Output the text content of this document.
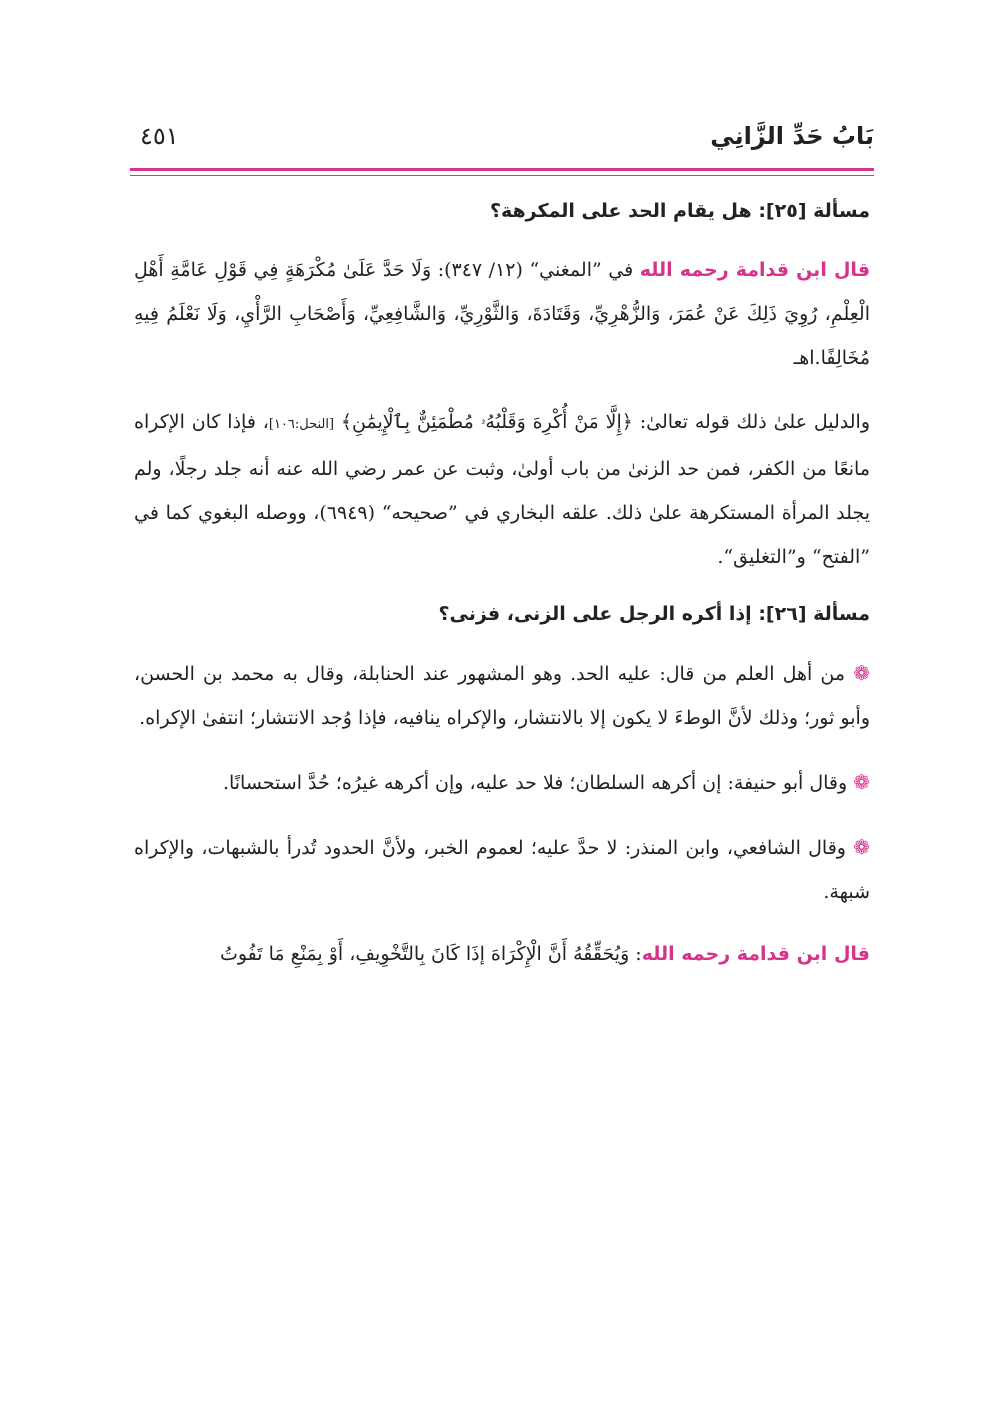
بَابُ حَدِّ الزَّانِي
٤٥١
مسألة [٢٥]: هل يقام الحد على المكرهة؟

قال ابن قدامة رحمه الله في ”المغني“ (١٢/ ٣٤٧): وَلَا حَدَّ عَلَىٰ مُكْرَهَةٍ فِي قَوْلِ عَامَّةِ أَهْلِ الْعِلْمِ، رُوِيَ ذَلِكَ عَنْ عُمَرَ، وَالزُّهْرِيِّ، وَقَتَادَةَ، وَالثَّوْرِيِّ، وَالشَّافِعِيِّ، وَأَصْحَابِ الرَّأْيِ، وَلَا نَعْلَمُ فِيهِ مُخَالِفًا.اهـ

والدليل علىٰ ذلك قوله تعالىٰ: ﴿إِلَّا مَنْ أُكْرِهَ وَقَلْبُهُۥ مُطْمَئِنٌّ بِٱلْإِيمَٰنِ﴾ [النحل:١٠٦]، فإذا كان الإكراه مانعًا من الكفر، فمن حد الزنىٰ من باب أولىٰ، وثبت عن عمر رضي الله عنه أنه جلد رجلًا، ولم يجلد المرأة المستكرهة علىٰ ذلك. علقه البخاري في ”صحيحه“ (٦٩٤٩)، ووصله البغوي كما في ”الفتح“ و”التغليق“.

مسألة [٢٦]: إذا أكره الرجل على الزنى، فزنى؟

❁ من أهل العلم من قال: عليه الحد. وهو المشهور عند الحنابلة، وقال به محمد بن الحسن، وأبو ثور؛ وذلك لأنَّ الوطءَ لا يكون إلا بالانتشار، والإكراه ينافيه، فإذا وُجد الانتشار؛ انتفىٰ الإكراه.

❁ وقال أبو حنيفة: إن أكرهه السلطان؛ فلا حد عليه، وإن أكرهه غيرُه؛ حُدَّ استحسانًا.

❁ وقال الشافعي، وابن المنذر: لا حدَّ عليه؛ لعموم الخبر، ولأنَّ الحدود تُدرأ بالشبهات، والإكراه شبهة.

قال ابن قدامة رحمه الله: وَيُحَقِّقُهُ أَنَّ الْإِكْرَاهَ إذَا كَانَ بِالتَّخْوِيفِ، أَوْ بِمَنْعِ مَا تَفُوتُ
